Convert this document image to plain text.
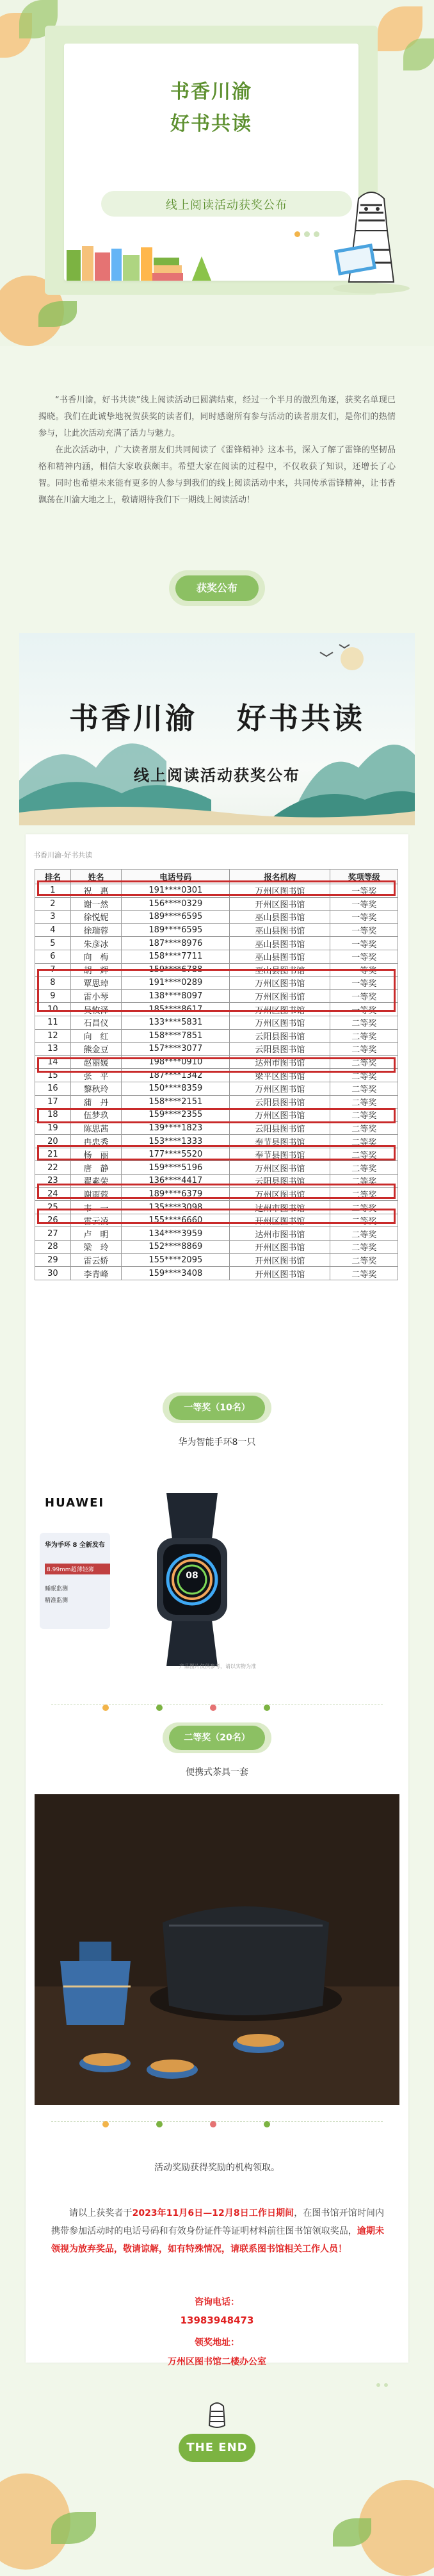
书香川渝
好书共读
线上阅读活动获奖公布
“书香川渝，好书共读”线上阅读活动已圆满结束，经过一个半月的激烈角逐，获奖名单现已揭晓。我们在此诚挚地祝贺获奖的读者们，同时感谢所有参与活动的读者朋友们，是你们的热情参与，让此次活动充满了活力与魅力。
在此次活动中，广大读者朋友们共同阅读了《雷锋精神》这本书，深入了解了雷锋的坚韧品格和精神内涵，相信大家收获颇丰。希望大家在阅读的过程中，不仅收获了知识，还增长了心智。同时也希望未来能有更多的人参与到我们的线上阅读活动中来，共同传承雷锋精神，让书香飘荡在川渝大地之上，敬请期待我们下一期线上阅读活动！
获奖公布
书香川渝 好书共读
线上阅读活动获奖公布
书香川渝-好书共读
排名	姓名	电话号码	报名机构	奖项等级
1	祝　惠	191****0301	万州区图书馆	一等奖
2	谢一然	156****0329	开州区图书馆	一等奖
3	徐悦妮	189****6595	巫山县图书馆	一等奖
4	徐瑞蓉	189****6595	巫山县图书馆	一等奖
5	朱彦冰	187****8976	巫山县图书馆	一等奖
6	向　梅	158****7711	巫山县图书馆	一等奖
7	胡　辉	159****6788	巫山县图书馆	一等奖
8	覃思琸	191****0289	万州区图书馆	一等奖
9	雷小琴	138****8097	万州区图书馆	一等奖
10	吴牧泽	185****8617	万州区图书馆	一等奖
11	石昌仪	133****5831	万州区图书馆	二等奖
12	向　红	158****7851	云阳县图书馆	二等奖
13	熊金豆	157****3077	云阳县图书馆	二等奖
14	赵丽媛	198****0910	达州市图书馆	二等奖
15	张　平	187****1342	梁平区图书馆	二等奖
16	黎秋玲	150****8359	万州区图书馆	二等奖
17	蒲　丹	158****2151	云阳县图书馆	二等奖
18	伍梦玖	159****2355	万州区图书馆	二等奖
19	陈思茜	139****1823	云阳县图书馆	二等奖
20	冉忠秀	153****1333	奉节县图书馆	二等奖
21	杨　丽	177****5520	奉节县图书馆	二等奖
22	唐　静	159****5196	万州区图书馆	二等奖
23	翟素荣	136****4417	云阳县图书馆	二等奖
24	谢雨蓉	189****6379	万州区图书馆	二等奖
25	韦　一	135****3098	达州市图书馆	二等奖
26	雷云凌	155****6660	开州区图书馆	二等奖
27	卢　明	134****3959	达州市图书馆	二等奖
28	梁　玲	152****8869	开州区图书馆	二等奖
29	雷云娇	155****2095	开州区图书馆	二等奖
30	李青峰	159****3408	开州区图书馆	二等奖
一等奖（10名）
华为智能手环8一只
HUAWEI
华为手环 8 全新发布
8.99mm超薄轻薄
睡眠监测
精准监测
08
产品图片仅供参考，请以实物为准
二等奖（20名）
便携式茶具一套
活动奖励获得奖励的机构领取。
请以上获奖者于2023年11月6日—12月8日工作日期间，在图书馆开馆时间内携带参加活动时的电话号码和有效身份证件等证明材料前往图书馆领取奖品，逾期未领视为放弃奖品，敬请谅解，如有特殊情况，请联系图书馆相关工作人员！
咨询电话：
13983948473
领奖地址：
万州区图书馆二楼办公室
THE END
